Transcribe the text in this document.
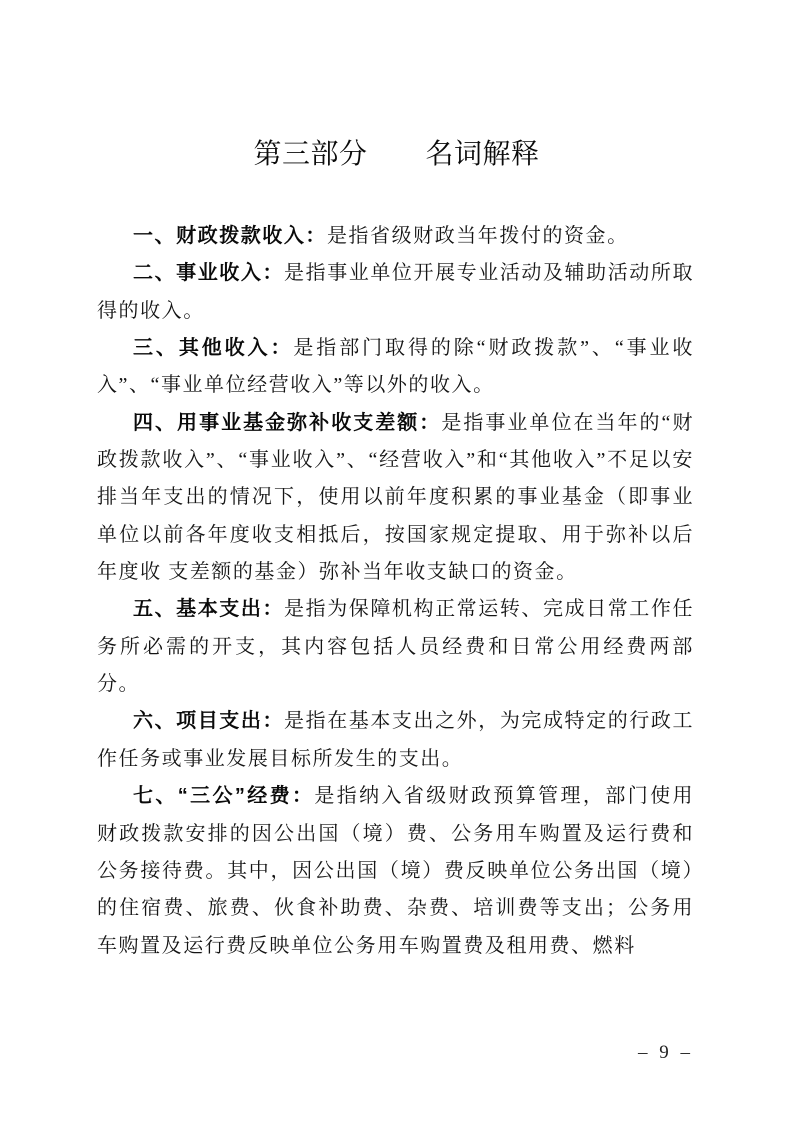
第三部分 名词解释

一、财政拨款收入：是指省级财政当年拨付的资金。

二、事业收入：是指事业单位开展专业活动及辅助活动所取 得的收入。

三、其他收入：是指部门取得的除“财政拨款”、“事业收入”、“事业单位经营收入”等以外的收入。

四、用事业基金弥补收支差额：是指事业单位在当年的“财政拨款收入”、“事业收入”、“经营收入”和“其他收入”不足以安排当年支出的情况下，使用以前年度积累的事业基金（即事业单位以前各年度收支相抵后，按国家规定提取、用于弥补以后年度收 支差额的基金）弥补当年收支缺口的资金。

五、基本支出：是指为保障机构正常运转、完成日常工作任务所必需的开支，其内容包括人员经费和日常公用经费两部分。

六、项目支出：是指在基本支出之外，为完成特定的行政工作任务或事业发展目标所发生的支出。

七、“三公”经费：是指纳入省级财政预算管理，部门使用财政拨款安排的因公出国（境）费、公务用车购置及运行费和公务接待费。其中，因公出国（境）费反映单位公务出国（境）的住宿费、旅费、伙食补助费、杂费、培训费等支出；公务用车购置及运行费反映单位公务用车购置费及租用费、燃料

– 9 –
